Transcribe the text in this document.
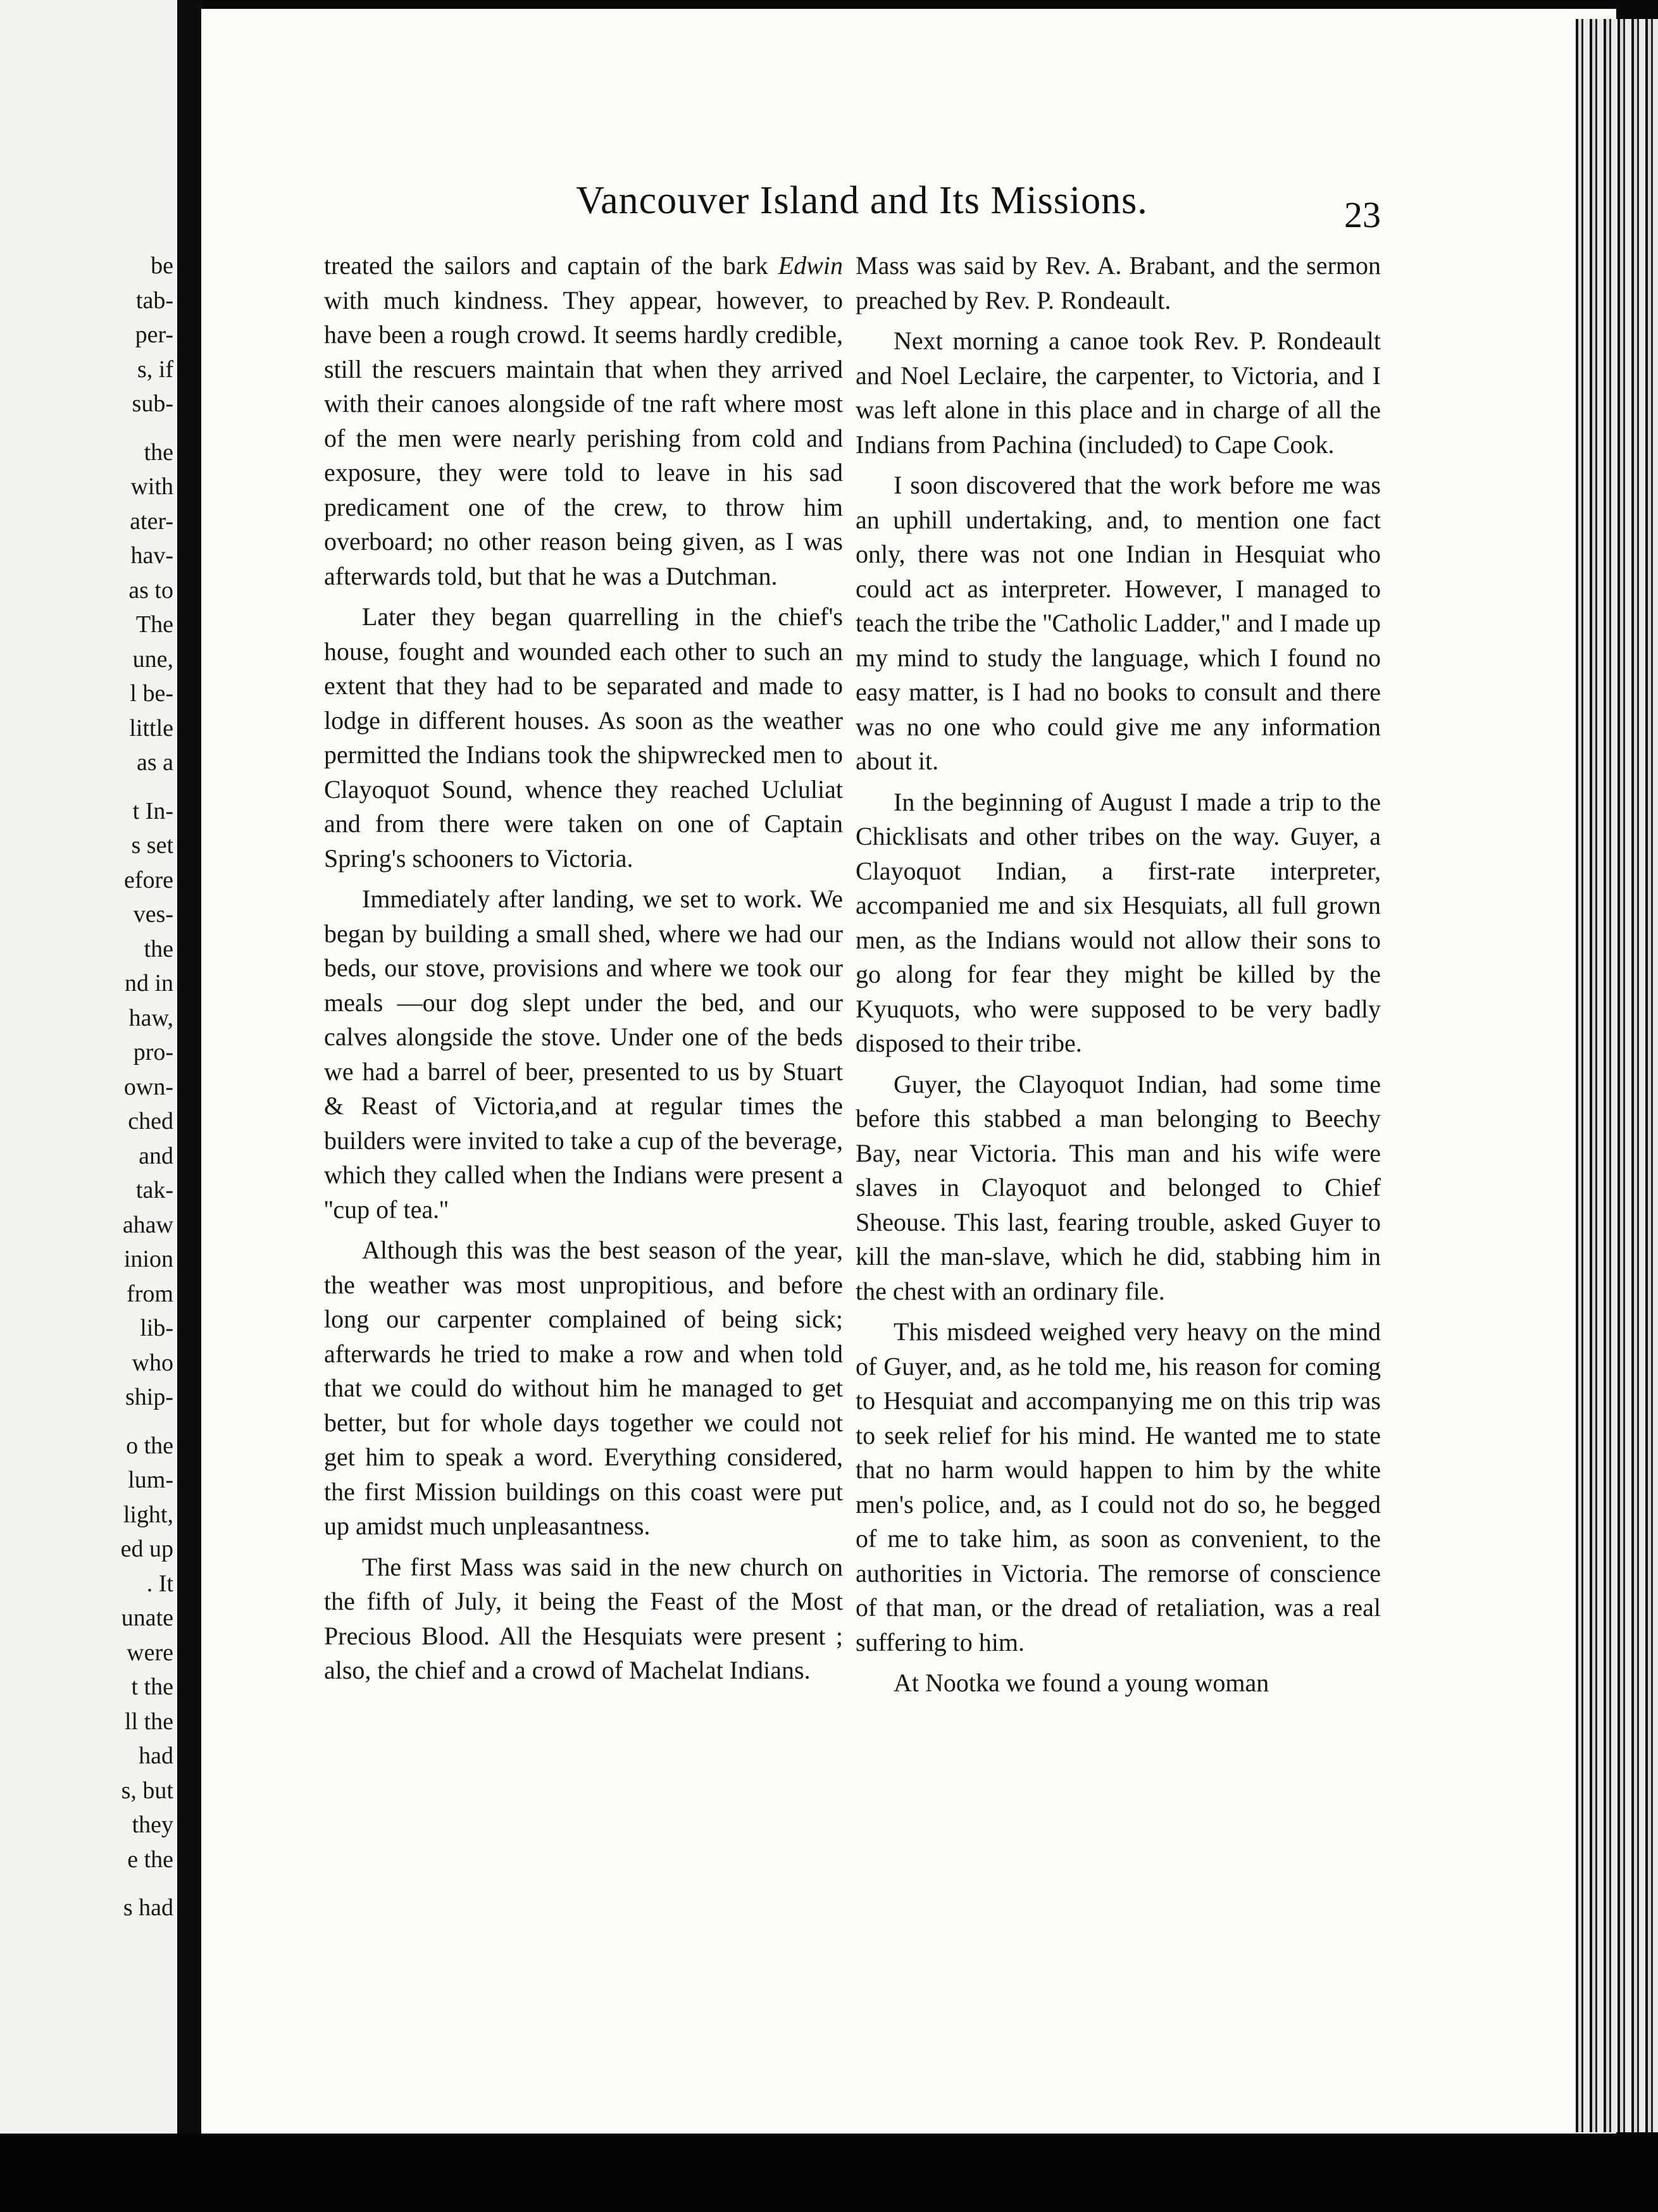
be
tab-
per-
s, if
sub-
the
with
ater-
hav-
as to
The
une,
l be-
little
as a
t In-
s set
efore
ves-
the
nd in
haw,
pro-
own-
ched
and
tak-
ahaw
inion
from
lib-
who
ship-
o the
lum-
light,
ed up
. It
unate
were
t the
ll the
had
s, but
they
e the
s had
Vancouver Island and Its Missions.	23

treated the sailors and captain of the bark Edwin with much kindness. They appear, however, to have been a rough crowd. It seems hardly credible, still the rescuers maintain that when they arrived with their canoes alongside of tne raft where most of the men were nearly perishing from cold and exposure, they were told to leave in his sad predicament one of the crew, to throw him overboard; no other reason being given, as I was afterwards told, but that he was a Dutchman.

Later they began quarrelling in the chief's house, fought and wounded each other to such an extent that they had to be separated and made to lodge in different houses. As soon as the weather permitted the Indians took the shipwrecked men to Clayoquot Sound, whence they reached Ucluliat and from there were taken on one of Captain Spring's schooners to Victoria.

Immediately after landing, we set to work. We began by building a small shed, where we had our beds, our stove, provisions and where we took our meals —our dog slept under the bed, and our calves alongside the stove. Under one of the beds we had a barrel of beer, presented to us by Stuart & Reast of Victoria,and at regular times the builders were invited to take a cup of the beverage, which they called when the Indians were present a ''cup of tea.''

Although this was the best season of the year, the weather was most unpropitious, and before long our carpenter complained of being sick; afterwards he tried to make a row and when told that we could do without him he managed to get better, but for whole days together we could not get him to speak a word. Everything considered, the first Mission buildings on this coast were put up amidst much unpleasantness.

The first Mass was said in the new church on the fifth of July, it being the Feast of the Most Precious Blood. All the Hesquiats were present ; also, the chief and a crowd of Machelat Indians.

Mass was said by Rev. A. Brabant, and the sermon preached by Rev. P. Rondeault.

Next morning a canoe took Rev. P. Rondeault and Noel Leclaire, the carpenter, to Victoria, and I was left alone in this place and in charge of all the Indians from Pachina (included) to Cape Cook.

I soon discovered that the work before me was an uphill undertaking, and, to mention one fact only, there was not one Indian in Hesquiat who could act as interpreter. However, I managed to teach the tribe the ''Catholic Ladder,'' and I made up my mind to study the language, which I found no easy matter, is I had no books to consult and there was no one who could give me any information about it.

In the beginning of August I made a trip to the Chicklisats and other tribes on the way. Guyer, a Clayoquot Indian, a first-rate interpreter, accompanied me and six Hesquiats, all full grown men, as the Indians would not allow their sons to go along for fear they might be killed by the Kyuquots, who were supposed to be very badly disposed to their tribe.

Guyer, the Clayoquot Indian, had some time before this stabbed a man belonging to Beechy Bay, near Victoria. This man and his wife were slaves in Clayoquot and belonged to Chief Sheouse. This last, fearing trouble, asked Guyer to kill the man-slave, which he did, stabbing him in the chest with an ordinary file.

This misdeed weighed very heavy on the mind of Guyer, and, as he told me, his reason for coming to Hesquiat and accompanying me on this trip was to seek relief for his mind. He wanted me to state that no harm would happen to him by the white men's police, and, as I could not do so, he begged of me to take him, as soon as convenient, to the authorities in Victoria. The remorse of conscience of that man, or the dread of retaliation, was a real suffering to him.

At Nootka we found a young woman
